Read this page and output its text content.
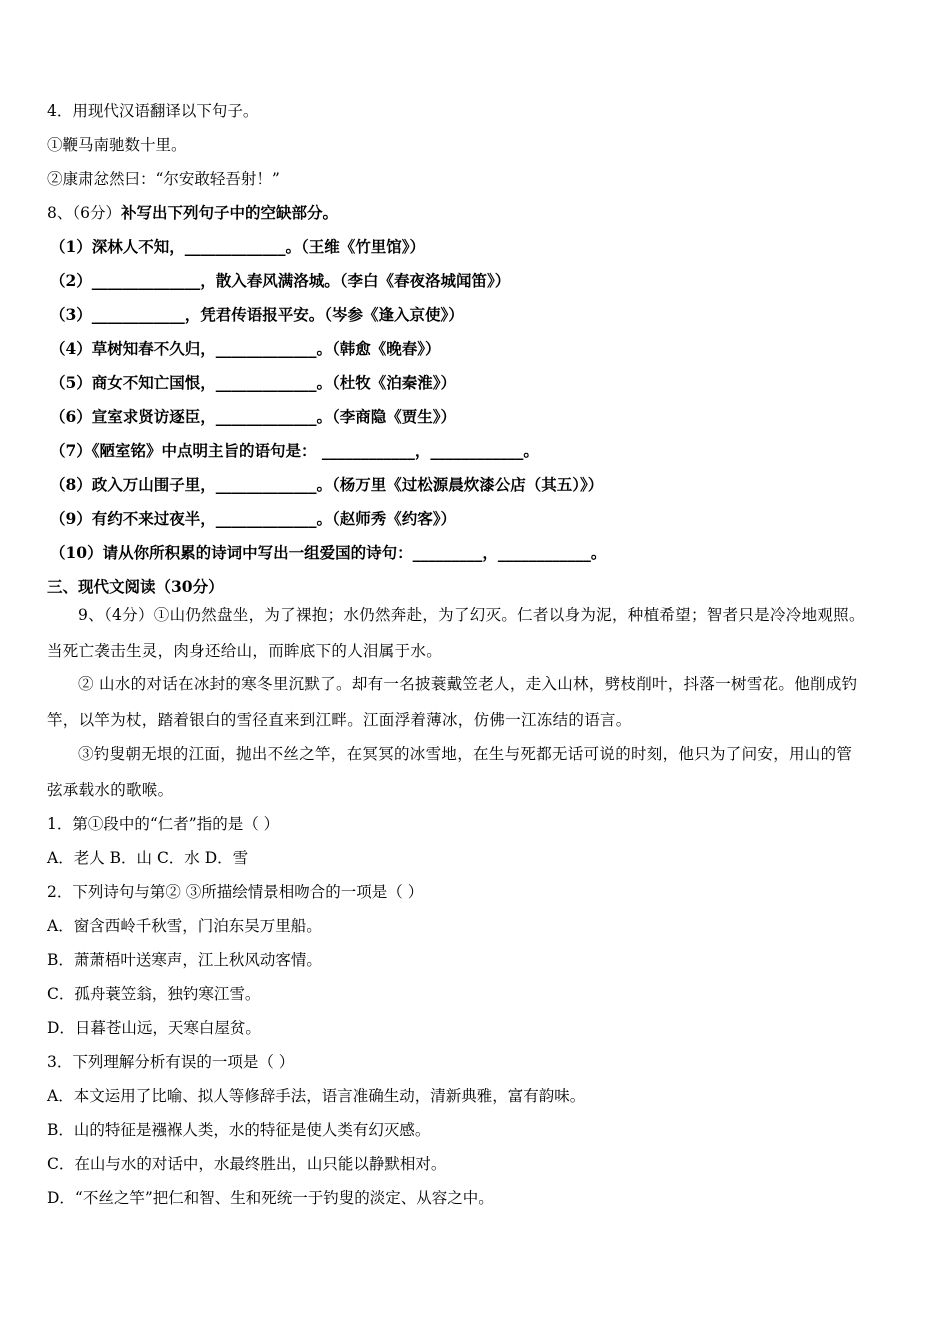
4．用现代汉语翻译以下句子。
①鞭马南驰数十里。
②康肃忿然曰：“尔安敢轻吾射！”
8、（6分）补写出下列句子中的空缺部分。
（1）深林人不知，_____________。（王维《竹里馆》）
（2）______________，散入春风满洛城。（李白《春夜洛城闻笛》）
（3）____________，凭君传语报平安。（岑参《逢入京使》）
（4）草树知春不久归，_____________。（韩愈《晚春》）
（5）商女不知亡国恨，_____________。（杜牧《泊秦淮》）
（6）宣室求贤访逐臣，_____________。（李商隐《贾生》）
（7）《陋室铭》中点明主旨的语句是： ____________，____________。
（8）政入万山围子里，_____________。（杨万里《过松源晨炊漆公店（其五）》）
（9）有约不来过夜半，_____________。（赵师秀《约客》）
（10）请从你所积累的诗词中写出一组爱国的诗句：_________，____________。
三、现代文阅读（30分）
9、（4分）①山仍然盘坐，为了裸抱；水仍然奔赴，为了幻灭。仁者以身为泥，种植希望；智者只是冷冷地观照。
当死亡袭击生灵，肉身还给山，而眸底下的人泪属于水。
② 山水的对话在冰封的寒冬里沉默了。却有一名披蓑戴笠老人，走入山林，劈枝削叶，抖落一树雪花。他削成钓
竿，以竿为杖，踏着银白的雪径直来到江畔。江面浮着薄冰，仿佛一江冻结的语言。
③钓叟朝无垠的江面，抛出不丝之竿，在冥冥的冰雪地，在生与死都无话可说的时刻，他只为了问安，用山的管
弦承载水的歌喉。
1．第①段中的“仁者”指的是（ ）
A．老人 B．山 C．水 D．雪
2．下列诗句与第② ③所描绘情景相吻合的一项是（ ）
A．窗含西岭千秋雪，门泊东吴万里船。
B．萧萧梧叶送寒声，江上秋风动客情。
C．孤舟蓑笠翁，独钓寒江雪。
D．日暮苍山远，天寒白屋贫。
3．下列理解分析有误的一项是（ ）
A．本文运用了比喻、拟人等修辞手法，语言准确生动，清新典雅，富有韵味。
B．山的特征是襁褓人类，水的特征是使人类有幻灭感。
C．在山与水的对话中，水最终胜出，山只能以静默相对。
D．“不丝之竿”把仁和智、生和死统一于钓叟的淡定、从容之中。
